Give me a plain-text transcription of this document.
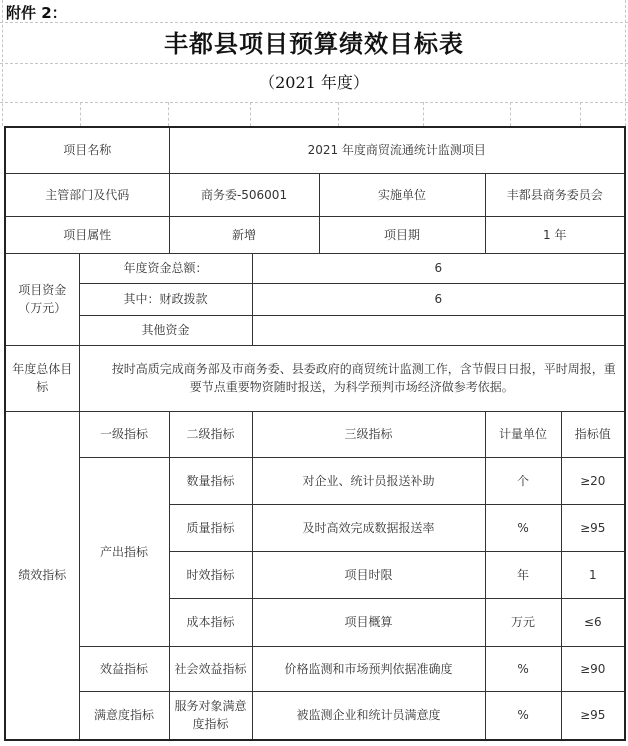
附件 2：
丰都县项目预算绩效目标表
（2021 年度）
项目名称		2021 年度商贸流通统计监测项目				
主管部门及代码		商务委-506001		实施单位	丰都县商务委员会	
项目属性		新增		项目期	1 年	
项目资金（万元）	年度资金总额：		6			
	其中：财政拨款		6			
	其他资金					
年度总体目标	按时高质完成商务部及市商务委、县委政府的商贸统计监测工作，含节假日日报，平时周报，重要节点重要物资随时报送，为科学预判市场经济做参考依据。					
绩效指标	一级指标	二级指标	三级指标		计量单位	指标值
	产出指标	数量指标	对企业、统计员报送补助		个	≥20
		质量指标	及时高效完成数据报送率		%	≥95
		时效指标	项目时限		年	1
		成本指标	项目概算		万元	≤6
	效益指标	社会效益指标	价格监测和市场预判依据准确度		%	≥90
	满意度指标	服务对象满意度指标	被监测企业和统计员满意度		%	≥95
